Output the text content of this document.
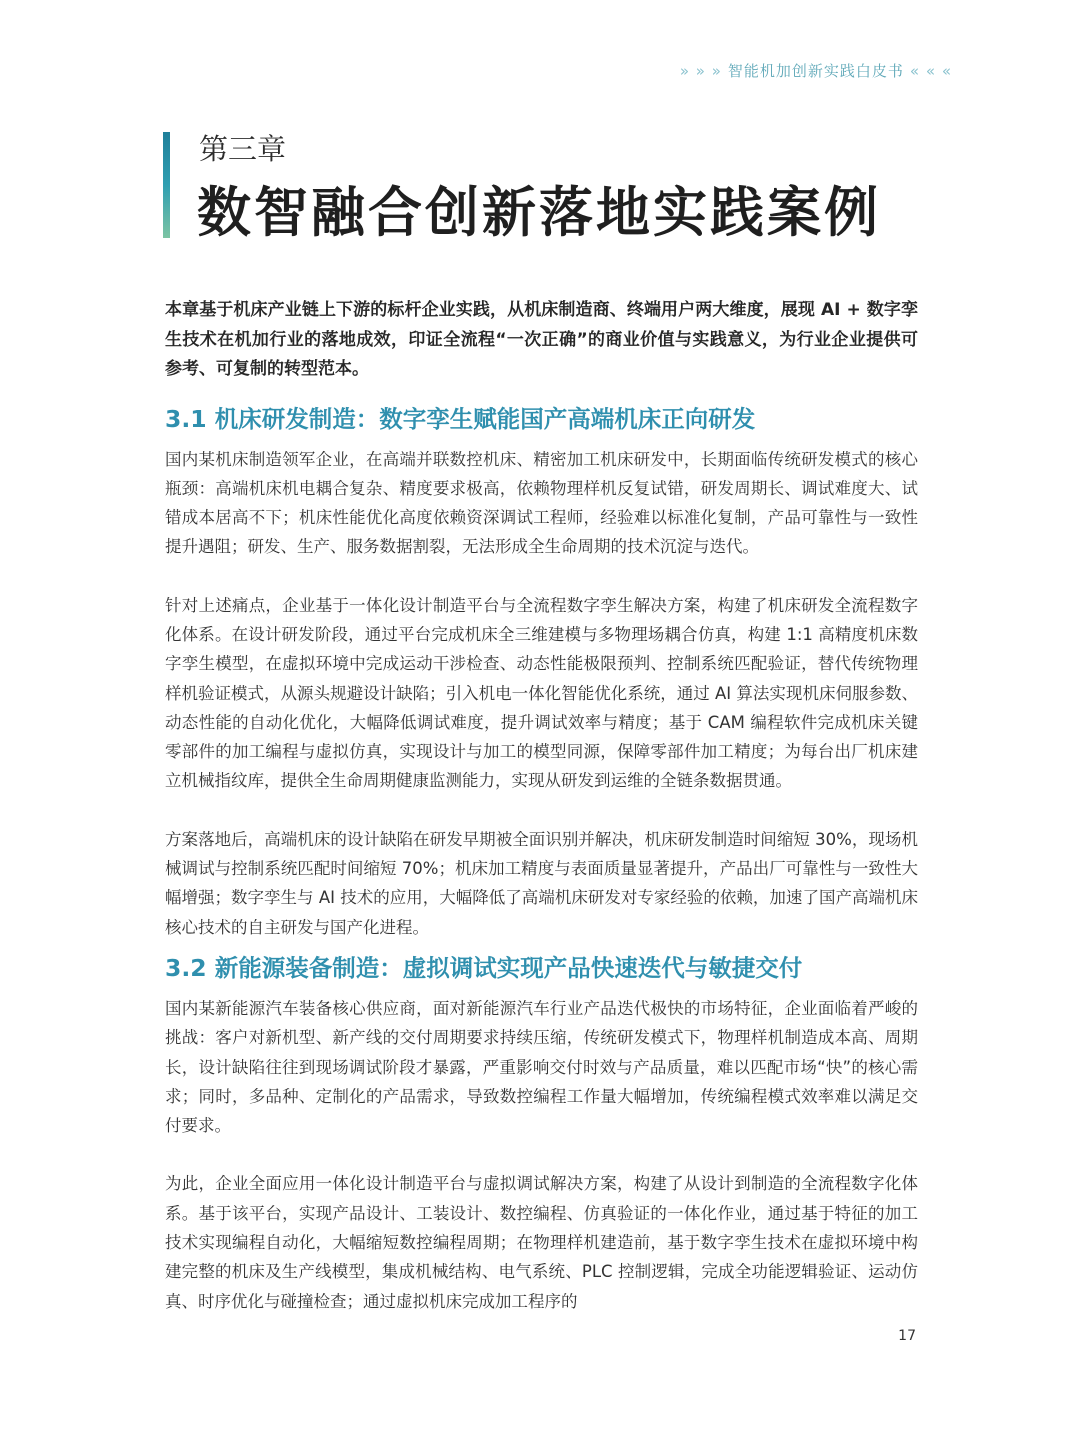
» » » 智能机加创新实践白皮书 « « «
第三章
数智融合创新落地实践案例

本章基于机床产业链上下游的标杆企业实践，从机床制造商、终端用户两大维度，展现 AI + 数字孪生技术在机加行业的落地成效，印证全流程“一次正确”的商业价值与实践意义，为行业企业提供可参考、可复制的转型范本。

3.1 机床研发制造：数字孪生赋能国产高端机床正向研发

国内某机床制造领军企业，在高端并联数控机床、精密加工机床研发中，长期面临传统研发模式的核心瓶颈：高端机床机电耦合复杂、精度要求极高，依赖物理样机反复试错，研发周期长、调试难度大、试错成本居高不下；机床性能优化高度依赖资深调试工程师，经验难以标准化复制，产品可靠性与一致性提升遇阻；研发、生产、服务数据割裂，无法形成全生命周期的技术沉淀与迭代。

针对上述痛点，企业基于一体化设计制造平台与全流程数字孪生解决方案，构建了机床研发全流程数字化体系。在设计研发阶段，通过平台完成机床全三维建模与多物理场耦合仿真，构建 1:1 高精度机床数字孪生模型，在虚拟环境中完成运动干涉检查、动态性能极限预判、控制系统匹配验证，替代传统物理样机验证模式，从源头规避设计缺陷；引入机电一体化智能优化系统，通过 AI 算法实现机床伺服参数、动态性能的自动化优化，大幅降低调试难度，提升调试效率与精度；基于 CAM 编程软件完成机床关键零部件的加工编程与虚拟仿真，实现设计与加工的模型同源，保障零部件加工精度；为每台出厂机床建立机械指纹库，提供全生命周期健康监测能力，实现从研发到运维的全链条数据贯通。

方案落地后，高端机床的设计缺陷在研发早期被全面识别并解决，机床研发制造时间缩短 30%，现场机械调试与控制系统匹配时间缩短 70%；机床加工精度与表面质量显著提升，产品出厂可靠性与一致性大幅增强；数字孪生与 AI 技术的应用，大幅降低了高端机床研发对专家经验的依赖，加速了国产高端机床核心技术的自主研发与国产化进程。

3.2 新能源装备制造：虚拟调试实现产品快速迭代与敏捷交付

国内某新能源汽车装备核心供应商，面对新能源汽车行业产品迭代极快的市场特征，企业面临着严峻的挑战：客户对新机型、新产线的交付周期要求持续压缩，传统研发模式下，物理样机制造成本高、周期长，设计缺陷往往到现场调试阶段才暴露，严重影响交付时效与产品质量，难以匹配市场“快”的核心需求；同时，多品种、定制化的产品需求，导致数控编程工作量大幅增加，传统编程模式效率难以满足交付要求。

为此，企业全面应用一体化设计制造平台与虚拟调试解决方案，构建了从设计到制造的全流程数字化体系。基于该平台，实现产品设计、工装设计、数控编程、仿真验证的一体化作业，通过基于特征的加工技术实现编程自动化，大幅缩短数控编程周期；在物理样机建造前，基于数字孪生技术在虚拟环境中构建完整的机床及生产线模型，集成机械结构、电气系统、PLC 控制逻辑，完成全功能逻辑验证、运动仿真、时序优化与碰撞检查；通过虚拟机床完成加工程序的

17
